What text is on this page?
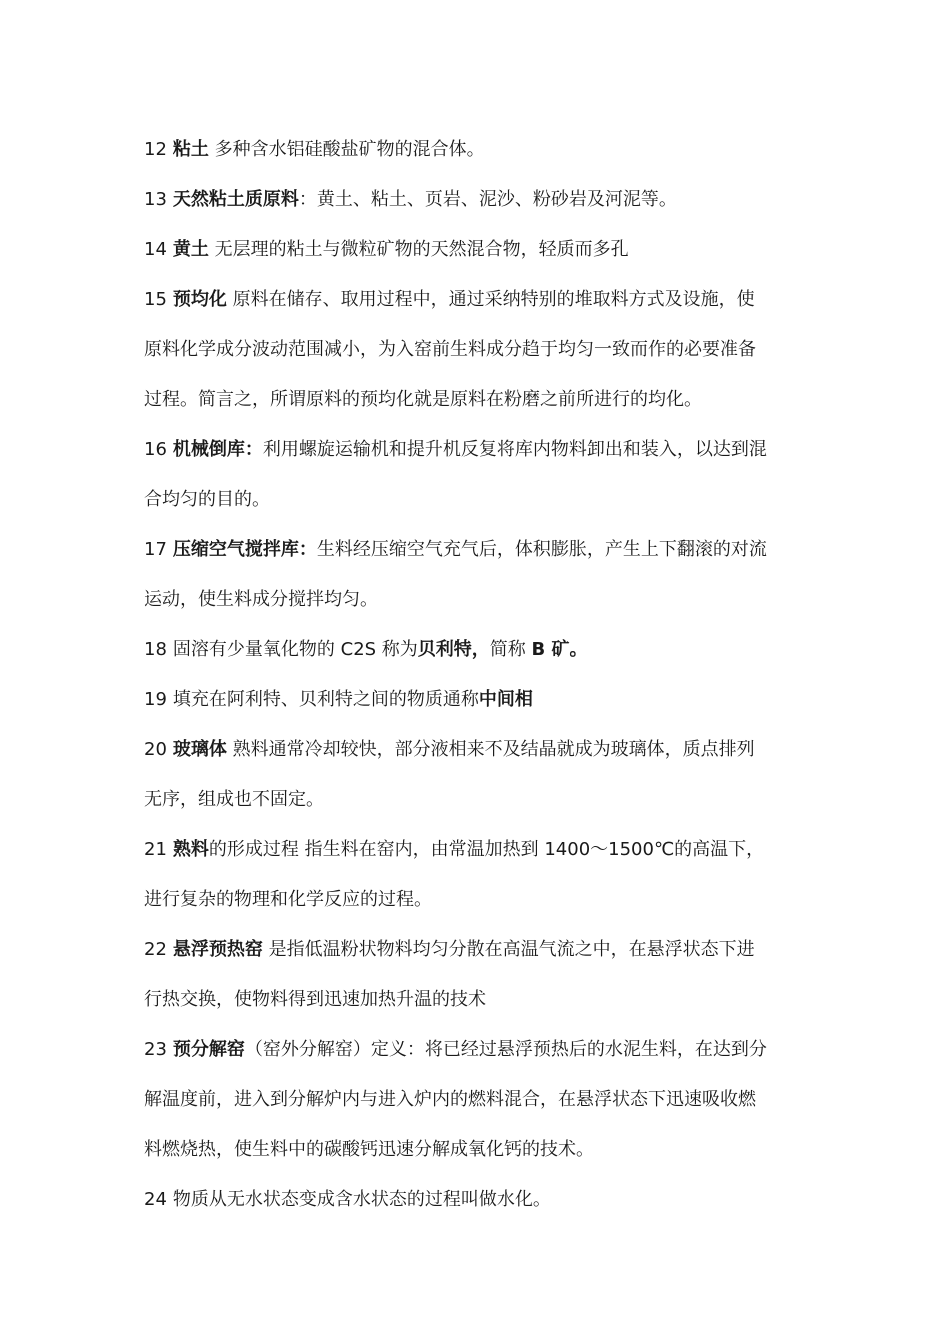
12 粘土 多种含水铝硅酸盐矿物的混合体。

13 天然粘土质原料：黄土、粘土、页岩、泥沙、粉砂岩及河泥等。

14 黄土 无层理的粘土与微粒矿物的天然混合物，轻质而多孔

15 预均化 原料在储存、取用过程中，通过采纳特别的堆取料方式及设施，使

原料化学成分波动范围减小，为入窑前生料成分趋于均匀一致而作的必要准备

过程。简言之，所谓原料的预均化就是原料在粉磨之前所进行的均化。

16 机械倒库：利用螺旋运输机和提升机反复将库内物料卸出和装入，以达到混

合均匀的目的。

17 压缩空气搅拌库：生料经压缩空气充气后，体积膨胀，产生上下翻滚的对流

运动，使生料成分搅拌均匀。

18 固溶有少量氧化物的 C2S 称为贝利特，简称 B 矿。

19 填充在阿利特、贝利特之间的物质通称中间相

20 玻璃体 熟料通常冷却较快，部分液相来不及结晶就成为玻璃体，质点排列

无序，组成也不固定。

21 熟料的形成过程 指生料在窑内，由常温加热到 1400～1500℃的高温下，

进行复杂的物理和化学反应的过程。

22 悬浮预热窑 是指低温粉状物料均匀分散在高温气流之中，在悬浮状态下进

行热交换，使物料得到迅速加热升温的技术

23 预分解窑（窑外分解窑）定义：将已经过悬浮预热后的水泥生料，在达到分

解温度前，进入到分解炉内与进入炉内的燃料混合，在悬浮状态下迅速吸收燃

料燃烧热，使生料中的碳酸钙迅速分解成氧化钙的技术。

24 物质从无水状态变成含水状态的过程叫做水化。
